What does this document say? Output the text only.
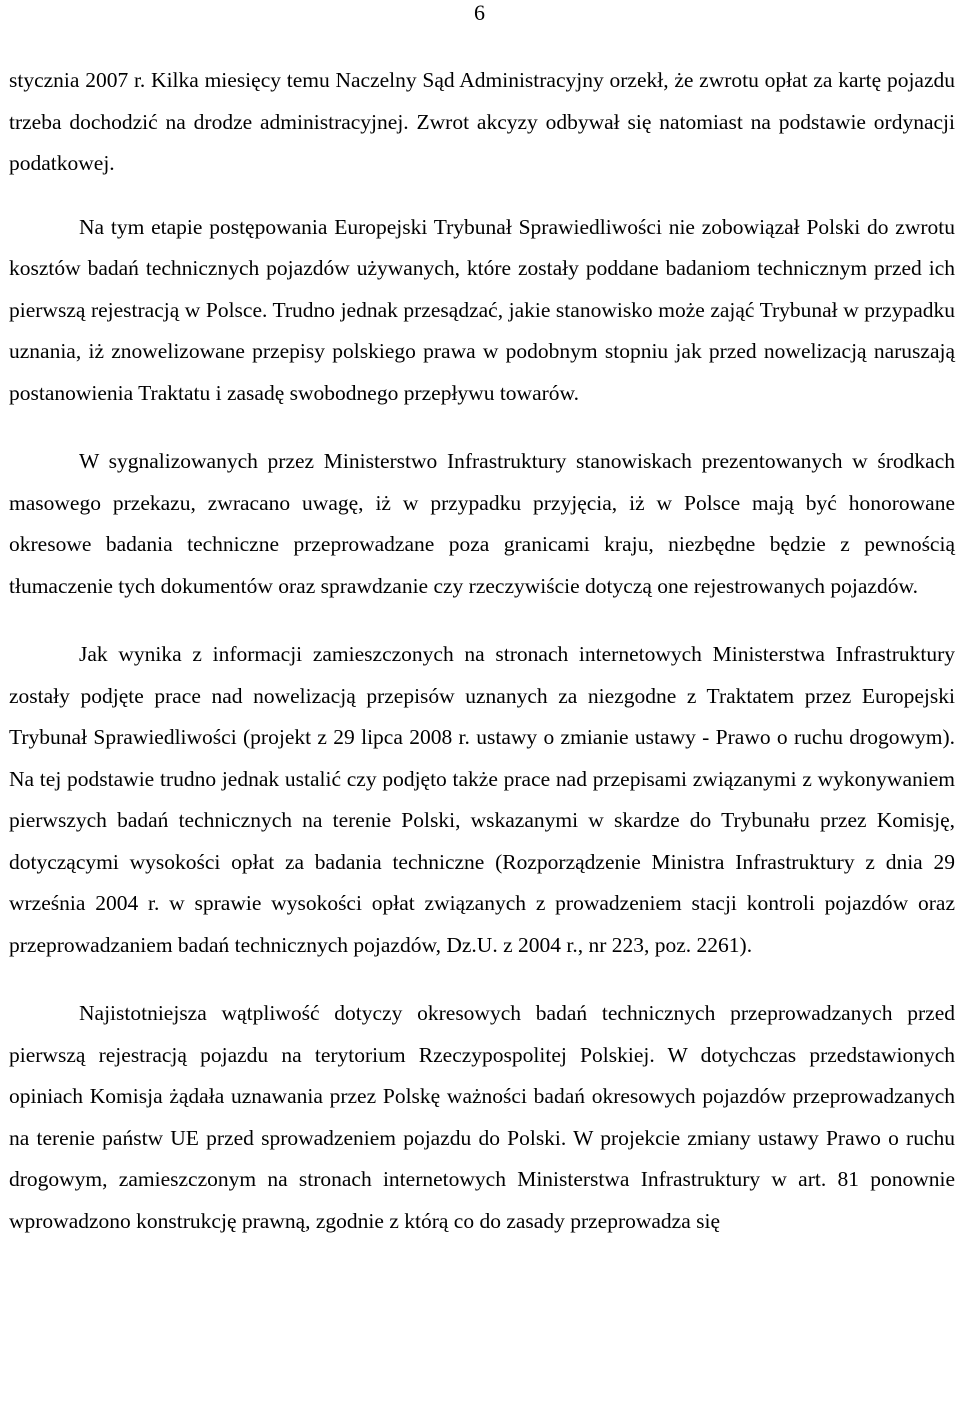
6

stycznia 2007 r. Kilka miesięcy temu Naczelny Sąd Administracyjny orzekł, że zwrotu opłat za kartę pojazdu trzeba dochodzić na drodze administracyjnej. Zwrot akcyzy odbywał się natomiast na podstawie ordynacji podatkowej.

Na tym etapie postępowania Europejski Trybunał Sprawiedliwości nie zobowiązał Polski do zwrotu kosztów badań technicznych pojazdów używanych, które zostały poddane badaniom technicznym przed ich pierwszą rejestracją w Polsce. Trudno jednak przesądzać, jakie stanowisko może zająć Trybunał w przypadku uznania, iż znowelizowane przepisy polskiego prawa w podobnym stopniu jak przed nowelizacją naruszają postanowienia Traktatu i zasadę swobodnego przepływu towarów.

W sygnalizowanych przez Ministerstwo Infrastruktury stanowiskach prezentowanych w środkach masowego przekazu, zwracano uwagę, iż w przypadku przyjęcia, iż w Polsce mają być honorowane okresowe badania techniczne przeprowadzane poza granicami kraju, niezbędne będzie z pewnością tłumaczenie tych dokumentów oraz sprawdzanie czy rzeczywiście dotyczą one rejestrowanych pojazdów.

Jak wynika z informacji zamieszczonych na stronach internetowych Ministerstwa Infrastruktury zostały podjęte prace nad nowelizacją przepisów uznanych za niezgodne z Traktatem przez Europejski Trybunał Sprawiedliwości (projekt z 29 lipca 2008 r. ustawy o zmianie ustawy - Prawo o ruchu drogowym). Na tej podstawie trudno jednak ustalić czy podjęto także prace nad przepisami związanymi z wykonywaniem pierwszych badań technicznych na terenie Polski, wskazanymi w skardze do Trybunału przez Komisję, dotyczącymi wysokości opłat za badania techniczne (Rozporządzenie Ministra Infrastruktury z dnia 29 września 2004 r. w sprawie wysokości opłat związanych z prowadzeniem stacji kontroli pojazdów oraz przeprowadzaniem badań technicznych pojazdów, Dz.U. z 2004 r., nr 223, poz. 2261).

Najistotniejsza wątpliwość dotyczy okresowych badań technicznych przeprowadzanych przed pierwszą rejestracją pojazdu na terytorium Rzeczypospolitej Polskiej. W dotychczas przedstawionych opiniach Komisja żądała uznawania przez Polskę ważności badań okresowych pojazdów przeprowadzanych na terenie państw UE przed sprowadzeniem pojazdu do Polski. W projekcie zmiany ustawy Prawo o ruchu drogowym, zamieszczonym na stronach internetowych Ministerstwa Infrastruktury w art. 81 ponownie wprowadzono konstrukcję prawną, zgodnie z którą co do zasady przeprowadza się
